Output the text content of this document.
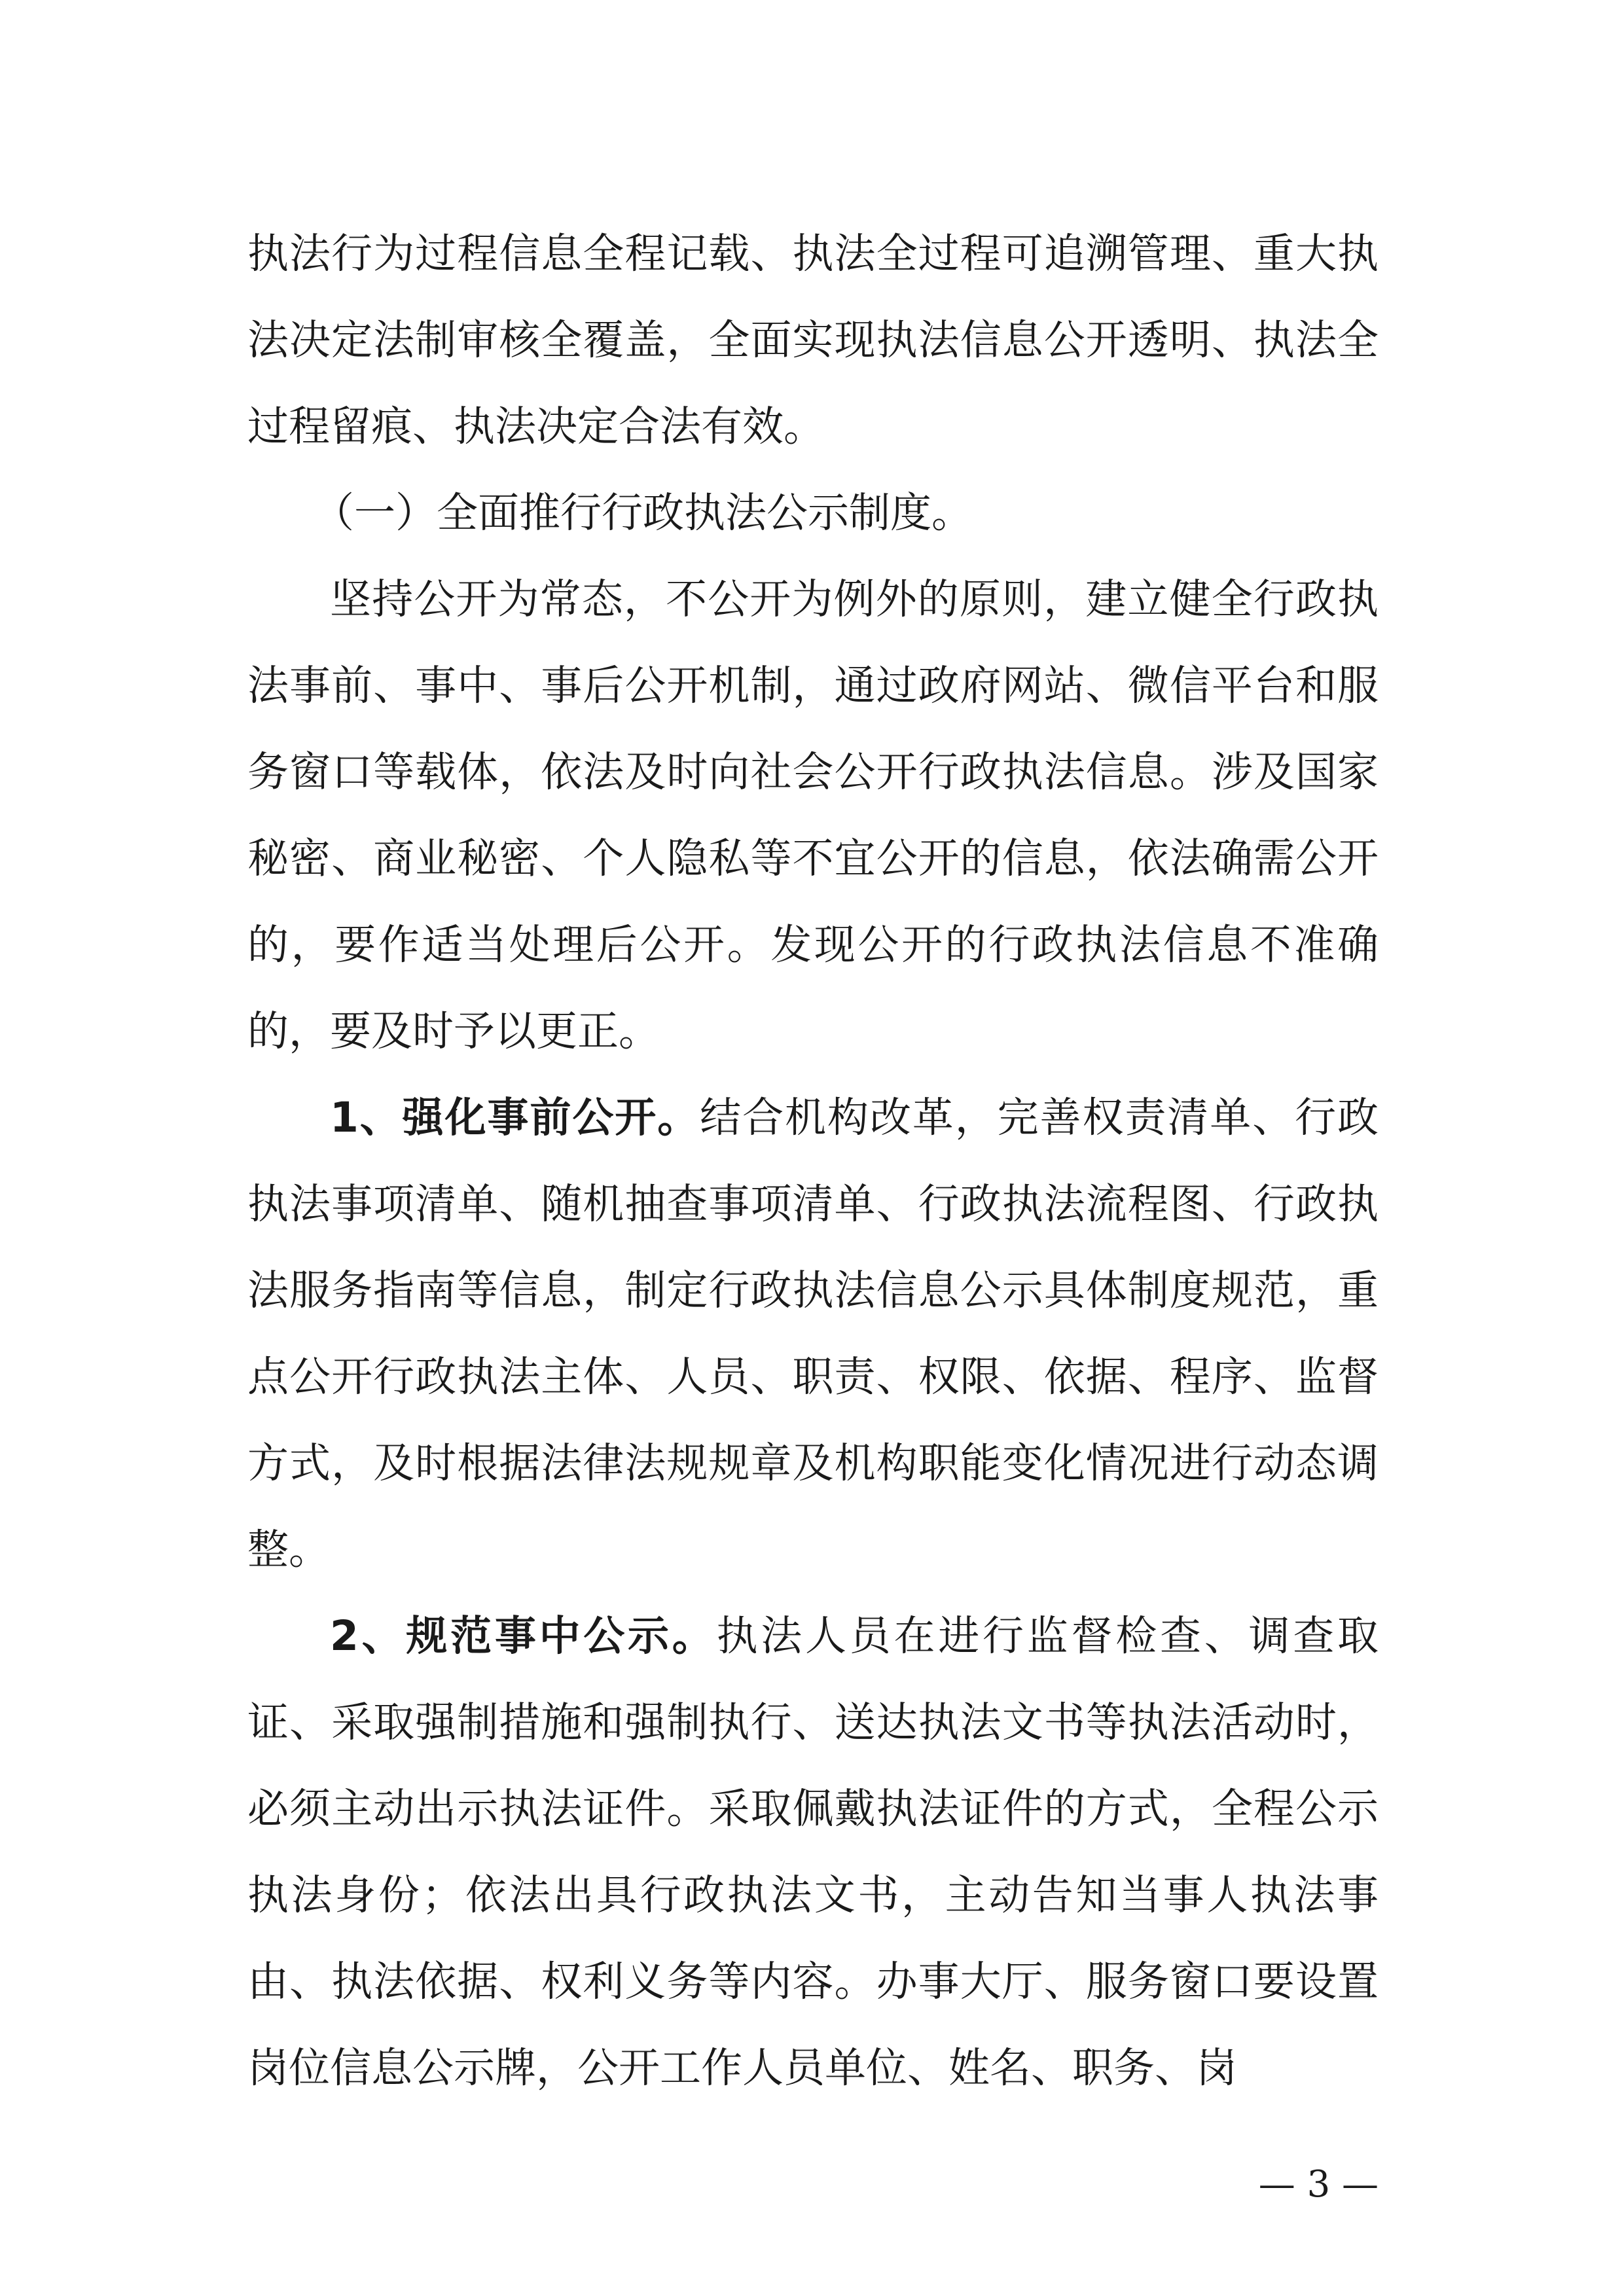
执法行为过程信息全程记载、执法全过程可追溯管理、重大执法决定法制审核全覆盖，全面实现执法信息公开透明、执法全过程留痕、执法决定合法有效。

（一）全面推行行政执法公示制度。

坚持公开为常态，不公开为例外的原则，建立健全行政执法事前、事中、事后公开机制，通过政府网站、微信平台和服务窗口等载体，依法及时向社会公开行政执法信息。涉及国家秘密、商业秘密、个人隐私等不宜公开的信息，依法确需公开的，要作适当处理后公开。发现公开的行政执法信息不准确的，要及时予以更正。

1、强化事前公开。结合机构改革，完善权责清单、行政执法事项清单、随机抽查事项清单、行政执法流程图、行政执法服务指南等信息，制定行政执法信息公示具体制度规范，重点公开行政执法主体、人员、职责、权限、依据、程序、监督方式，及时根据法律法规规章及机构职能变化情况进行动态调整。

2、规范事中公示。执法人员在进行监督检查、调查取证、采取强制措施和强制执行、送达执法文书等执法活动时，必须主动出示执法证件。采取佩戴执法证件的方式，全程公示执法身份；依法出具行政执法文书，主动告知当事人执法事由、执法依据、权利义务等内容。办事大厅、服务窗口要设置岗位信息公示牌，公开工作人员单位、姓名、职务、岗

— 3 —
